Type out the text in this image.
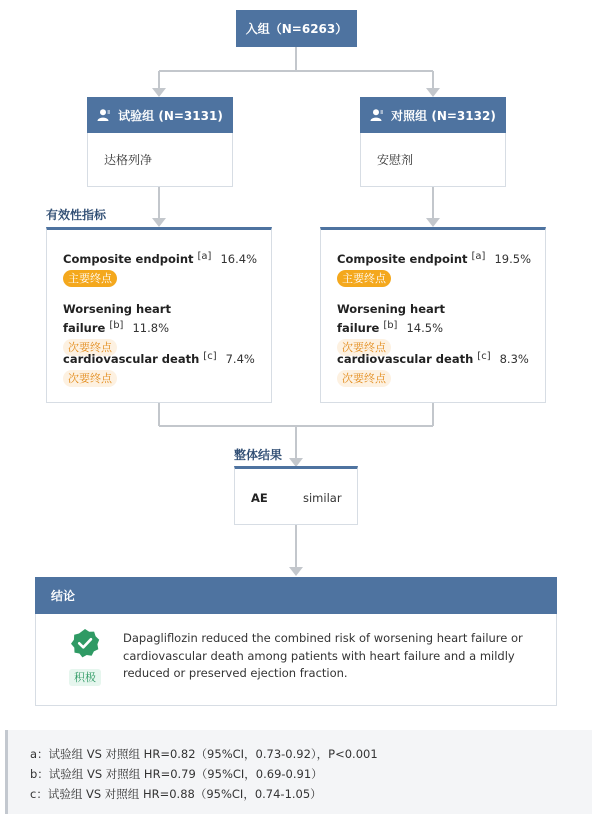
入组（N=6263）
试验组 (N=3131)
达格列净
对照组 (N=3132)
安慰剂
有效性指标
Composite endpoint [a] 16.4%
主要终点
Worsening heart failure [b] 11.8%
次要终点
cardiovascular death [c] 7.4%
次要终点
Composite endpoint [a] 19.5%
主要终点
Worsening heart failure [b] 14.5%
次要终点
cardiovascular death [c] 8.3%
次要终点
整体结果
AE	similar
结论
积极
Dapagliflozin reduced the combined risk of worsening heart failure or cardiovascular death among patients with heart failure and a mildly reduced or preserved ejection fraction.
a：试验组 VS 对照组 HR=0.82（95%CI，0.73-0.92），P<0.001
b：试验组 VS 对照组 HR=0.79（95%CI，0.69-0.91）
c：试验组 VS 对照组 HR=0.88（95%CI，0.74-1.05）
